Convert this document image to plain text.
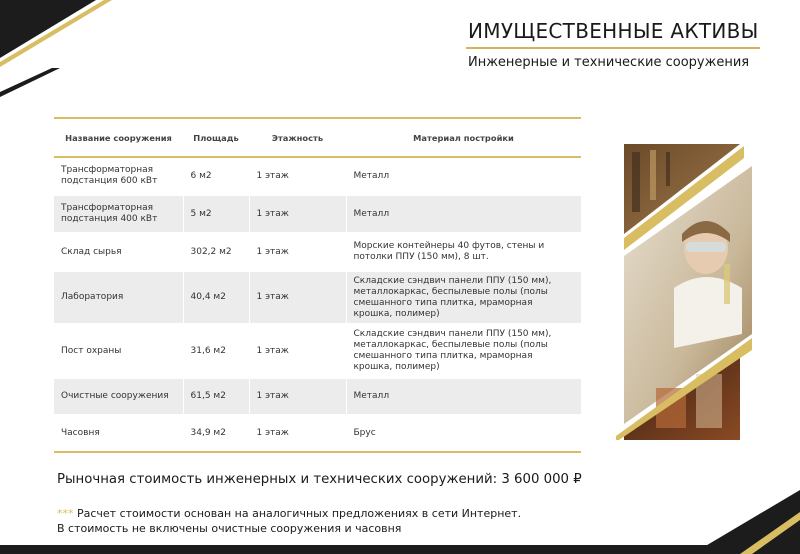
ИМУЩЕСТВЕННЫЕ АКТИВЫ
Инженерные и технические сооружения
Название сооружения	Площадь	Этажность	Материал постройки
Трансформаторная подстанция 600 кВт	6 м2	1 этаж	Металл
Трансформаторная подстанция 400 кВт	5 м2	1 этаж	Металл
Склад сырья	302,2 м2	1 этаж	Морские контейнеры 40 футов, стены и потолки ППУ (150 мм), 8 шт.
Лаборатория	40,4 м2	1 этаж	Складские сэндвич панели ППУ (150 мм), металлокаркас, беспылевые полы (полы смешанного типа плитка, мраморная крошка, полимер)
Пост охраны	31,6 м2	1 этаж	Складские сэндвич панели ППУ (150 мм), металлокаркас, беспылевые полы (полы смешанного типа плитка, мраморная крошка, полимер)
Очистные сооружения	61,5 м2	1 этаж	Металл
Часовня	34,9 м2	1 этаж	Брус
Рыночная стоимость инженерных и технических сооружений: 3 600 000 ₽
*** Расчет стоимости основан на аналогичных предложениях в сети Интернет.
В стоимость не включены очистные сооружения и часовня
